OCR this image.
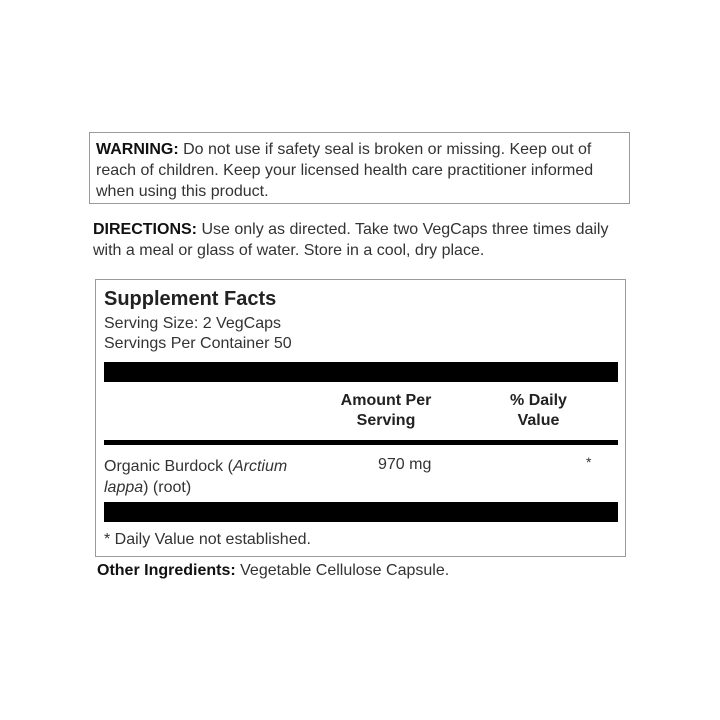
WARNING: Do not use if safety seal is broken or missing. Keep out of reach of children. Keep your licensed health care practitioner informed when using this product.
DIRECTIONS: Use only as directed. Take two VegCaps three times daily with a meal or glass of water. Store in a cool, dry place.
Supplement Facts
Serving Size: 2 VegCaps
Servings Per Container 50
Amount Per
Serving
% Daily
Value
Organic Burdock (Arctium lappa) (root)
970 mg	*
* Daily Value not established.
Other Ingredients: Vegetable Cellulose Capsule.
